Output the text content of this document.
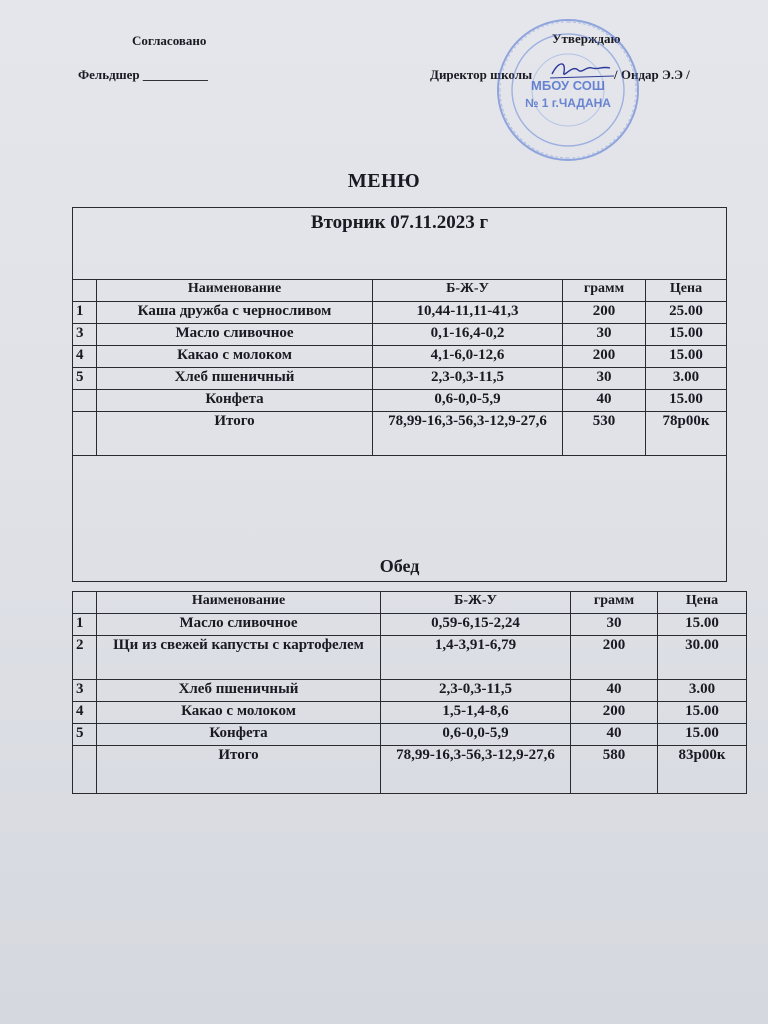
Согласовано	Утверждаю
Фельдшер __________	Директор школы	/ Ондар Э.Э /
МБОУ СОШ
№ 1 г.ЧАДАНА
МЕНЮ
Вторник 07.11.2023 г				
	Наименование	Б-Ж-У	грамм	Цена
1	Каша дружба с черносливом	10,44-11,11-41,3	200	25.00
3	Масло сливочное	0,1-16,4-0,2	30	15.00
4	Какао с молоком	4,1-6,0-12,6	200	15.00
5	Хлеб пшеничный	2,3-0,3-11,5	30	3.00
	Конфета	0,6-0,0-5,9	40	15.00
	Итого	78,99-16,3-56,3-12,9-27,6	530	78р00к
Обед				
	Наименование	Б-Ж-У	грамм	Цена
1	Масло сливочное	0,59-6,15-2,24	30	15.00
2	Щи из свежей капусты с картофелем	1,4-3,91-6,79	200	30.00
3	Хлеб пшеничный	2,3-0,3-11,5	40	3.00
4	Какао с молоком	1,5-1,4-8,6	200	15.00
5	Конфета	0,6-0,0-5,9	40	15.00
	Итого	78,99-16,3-56,3-12,9-27,6	580	83р00к
